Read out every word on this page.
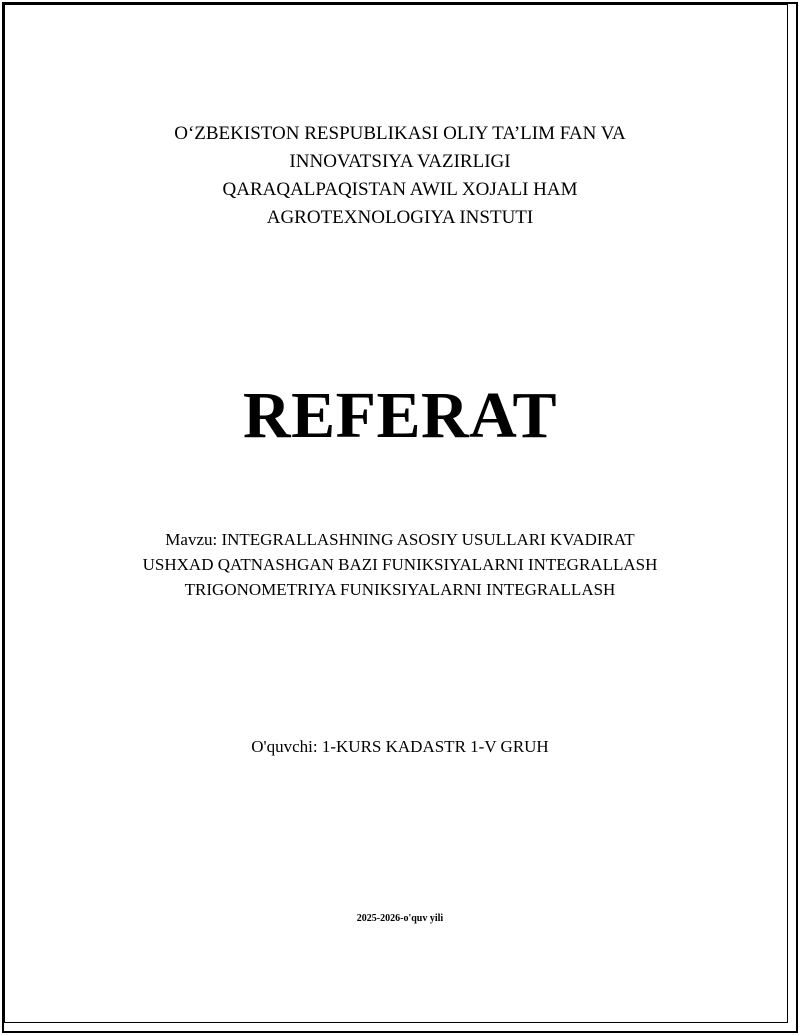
O‘ZBEKISTON RESPUBLIKASI OLIY TA’LIM FAN VA
INNOVATSIYA VAZIRLIGI
QARAQALPAQISTAN AWIL XOJALI HAM
AGROTEXNOLOGIYA INSTUTI
REFERAT
Mavzu: INTEGRALLASHNING ASOSIY USULLARI KVADIRAT
USHXAD QATNASHGAN BAZI FUNIKSIYALARNI INTEGRALLASH
TRIGONOMETRIYA FUNIKSIYALARNI INTEGRALLASH
O'quvchi: 1-KURS KADASTR 1-V GRUH
2025-2026-o'quv yili
